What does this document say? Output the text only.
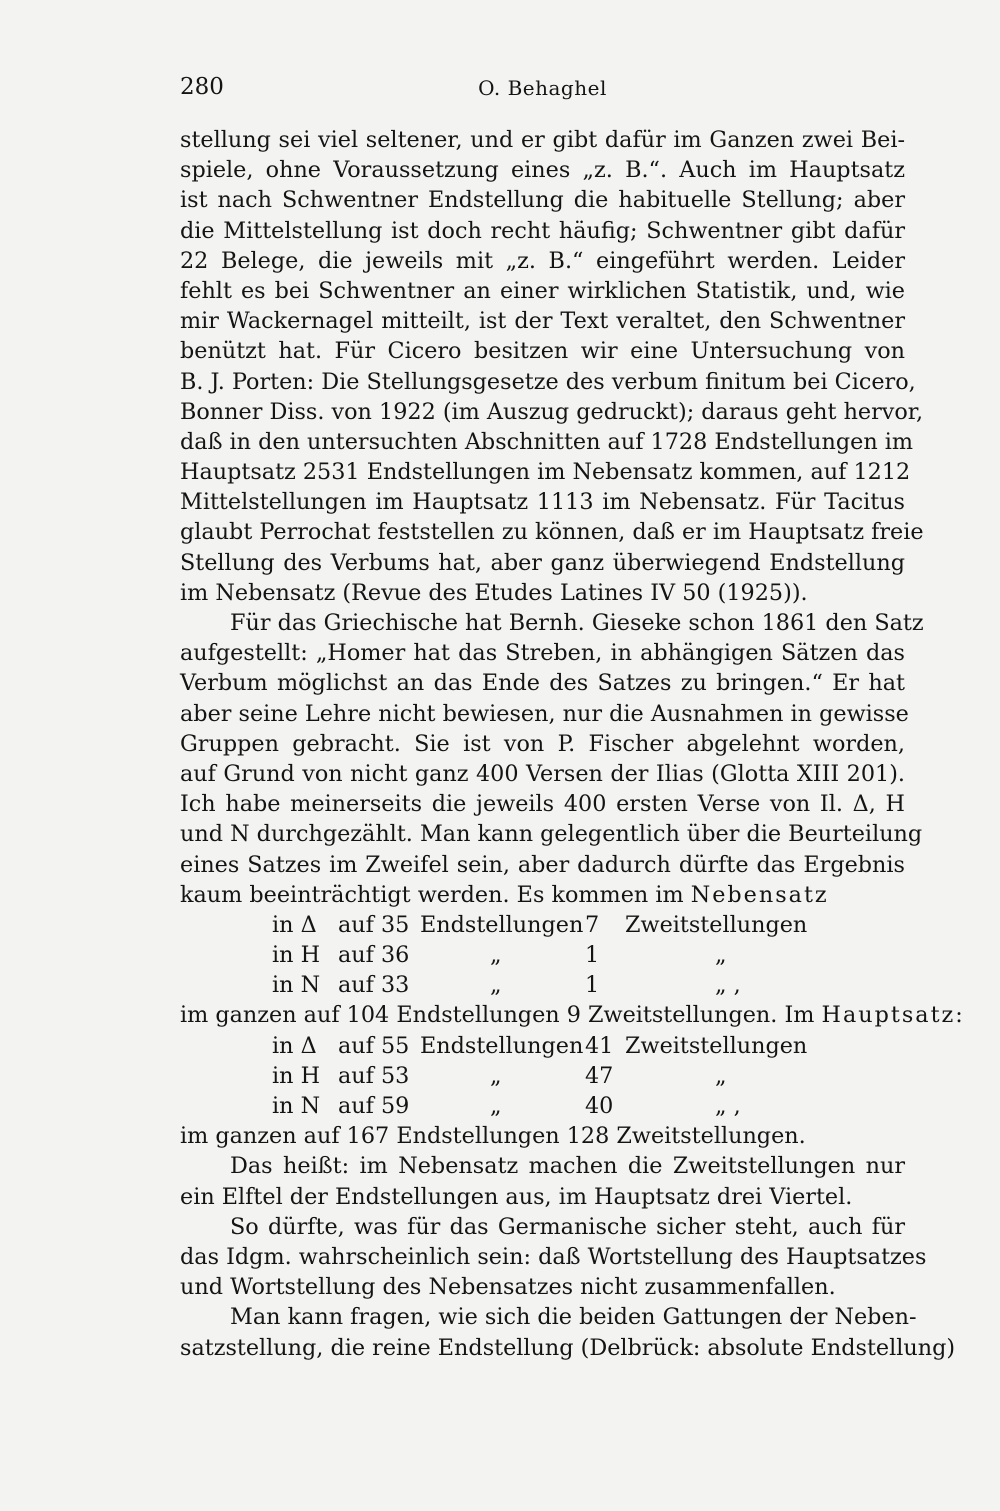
280	O. Behaghel
stellung sei viel seltener, und er gibt dafür im Ganzen zwei Bei-
spiele, ohne Voraussetzung eines „z. B.“. Auch im Hauptsatz
ist nach Schwentner Endstellung die habituelle Stellung; aber
die Mittelstellung ist doch recht häufig; Schwentner gibt dafür
22 Belege, die jeweils mit „z. B.“ eingeführt werden. Leider
fehlt es bei Schwentner an einer wirklichen Statistik, und, wie
mir Wackernagel mitteilt, ist der Text veraltet, den Schwentner
benützt hat. Für Cicero besitzen wir eine Untersuchung von
B. J. Porten: Die Stellungsgesetze des verbum finitum bei Cicero,
Bonner Diss. von 1922 (im Auszug gedruckt); daraus geht hervor,
daß in den untersuchten Abschnitten auf 1728 Endstellungen im
Hauptsatz 2531 Endstellungen im Nebensatz kommen, auf 1212
Mittelstellungen im Hauptsatz 1113 im Nebensatz. Für Tacitus
glaubt Perrochat feststellen zu können, daß er im Hauptsatz freie
Stellung des Verbums hat, aber ganz überwiegend Endstellung
im Nebensatz (Revue des Etudes Latines IV 50 (1925)).
Für das Griechische hat Bernh. Gieseke schon 1861 den Satz
aufgestellt: „Homer hat das Streben, in abhängigen Sätzen das
Verbum möglichst an das Ende des Satzes zu bringen.“ Er hat
aber seine Lehre nicht bewiesen, nur die Ausnahmen in gewisse
Gruppen gebracht. Sie ist von P. Fischer abgelehnt worden,
auf Grund von nicht ganz 400 Versen der Ilias (Glotta XIII 201).
Ich habe meinerseits die jeweils 400 ersten Verse von Il. Δ, H
und N durchgezählt. Man kann gelegentlich über die Beurteilung
eines Satzes im Zweifel sein, aber dadurch dürfte das Ergebnis
kaum beeinträchtigt werden. Es kommen im Nebensatz
in Δ auf 35 Endstellungen 7	Zweitstellungen
in H auf 36	„	1	„
in N auf 33	„	1	„ ,
im ganzen auf 104 Endstellungen 9 Zweitstellungen. Im Hauptsatz:
in Δ auf 55 Endstellungen 41 Zweitstellungen
in H auf 53	„	47	„
in N auf 59	„	40	„ ,
im ganzen auf 167 Endstellungen 128 Zweitstellungen.
Das heißt: im Nebensatz machen die Zweitstellungen nur
ein Elftel der Endstellungen aus, im Hauptsatz drei Viertel.
So dürfte, was für das Germanische sicher steht, auch für
das Idgm. wahrscheinlich sein: daß Wortstellung des Hauptsatzes
und Wortstellung des Nebensatzes nicht zusammenfallen.
Man kann fragen, wie sich die beiden Gattungen der Neben-
satzstellung, die reine Endstellung (Delbrück: absolute Endstellung)
